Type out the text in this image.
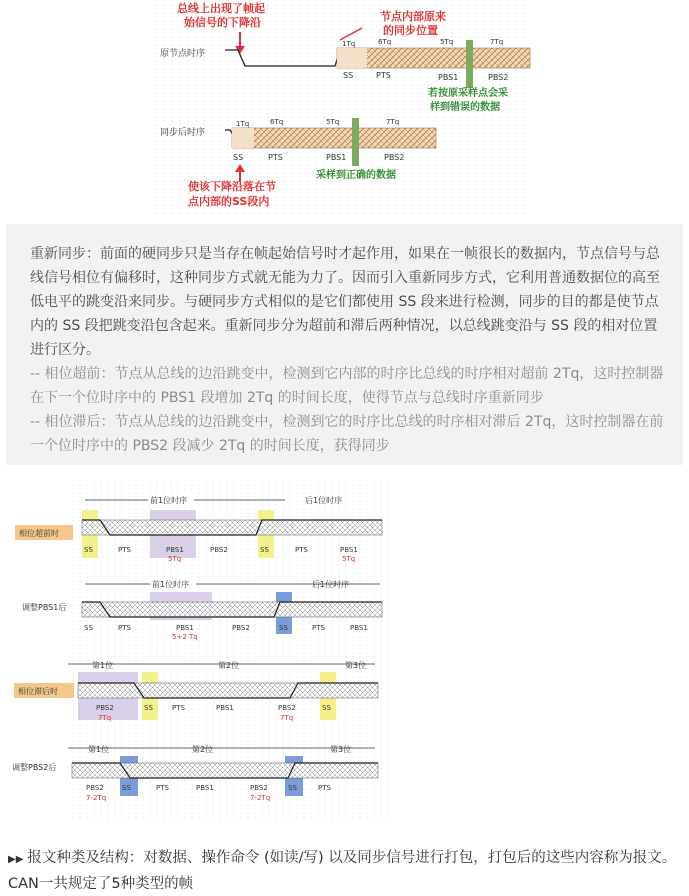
总线上出现了帧起
始信号的下降沿	节点内部原来
的同步位置
原节点时序
1Tq	6Tq	5Tq	7Tq
SS	PTS	PBS1	PBS2
若按原采样点会采
样到错误的数据
同步后时序
1Tq	6Tq	5Tq	7Tq
SS	PTS	PBS1	PBS2
采样到正确的数据
使该下降沿落在节
点内部的SS段内

重新同步：前面的硬同步只是当存在帧起始信号时才起作用，如果在一帧很长的数据内，节点信号与总线信号相位有偏移时，这种同步方式就无能为力了。因而引入重新同步方式，它利用普通数据位的高至低电平的跳变沿来同步。与硬同步方式相似的是它们都使用 SS 段来进行检测，同步的目的都是使节点内的 SS 段把跳变沿包含起来。重新同步分为超前和滞后两种情况，以总线跳变沿与 SS 段的相对位置进行区分。

-- 相位超前：节点从总线的边沿跳变中，检测到它内部的时序比总线的时序相对超前 2Tq，这时控制器在下一个位时序中的 PBS1 段增加 2Tq 的时间长度，使得节点与总线时序重新同步

-- 相位滞后：节点从总线的边沿跳变中，检测到它的时序比总线的时序相对滞后 2Tq，这时控制器在前一个位时序中的 PBS2 段减少 2Tq 的时间长度，获得同步

相位超前时
前1位时序	后1位时序
SS	PTS	PBS1
5Tq
PBS2	SS	PTS	PBS1
5Tq
调整PBS1后
前1位时序	后1位时序
SS	PTS	PBS1
5+2 Tq
PBS2	SS	PTS	PBS1
第1位	第2位	第3位
相位滞后时
PBS2
7Tq
SS	PTS	PBS1	PBS2
7Tq
SS
第1位	第2位	第3位
调整PBS2后
PBS2
7-2Tq
SS	PTS	PBS1	PBS2
7-2Tq
SS	PTS
▶▶ 报文种类及结构：对数据、操作命令 (如读/写) 以及同步信号进行打包，打包后的这些内容称为报文。CAN一共规定了5种类型的帧
